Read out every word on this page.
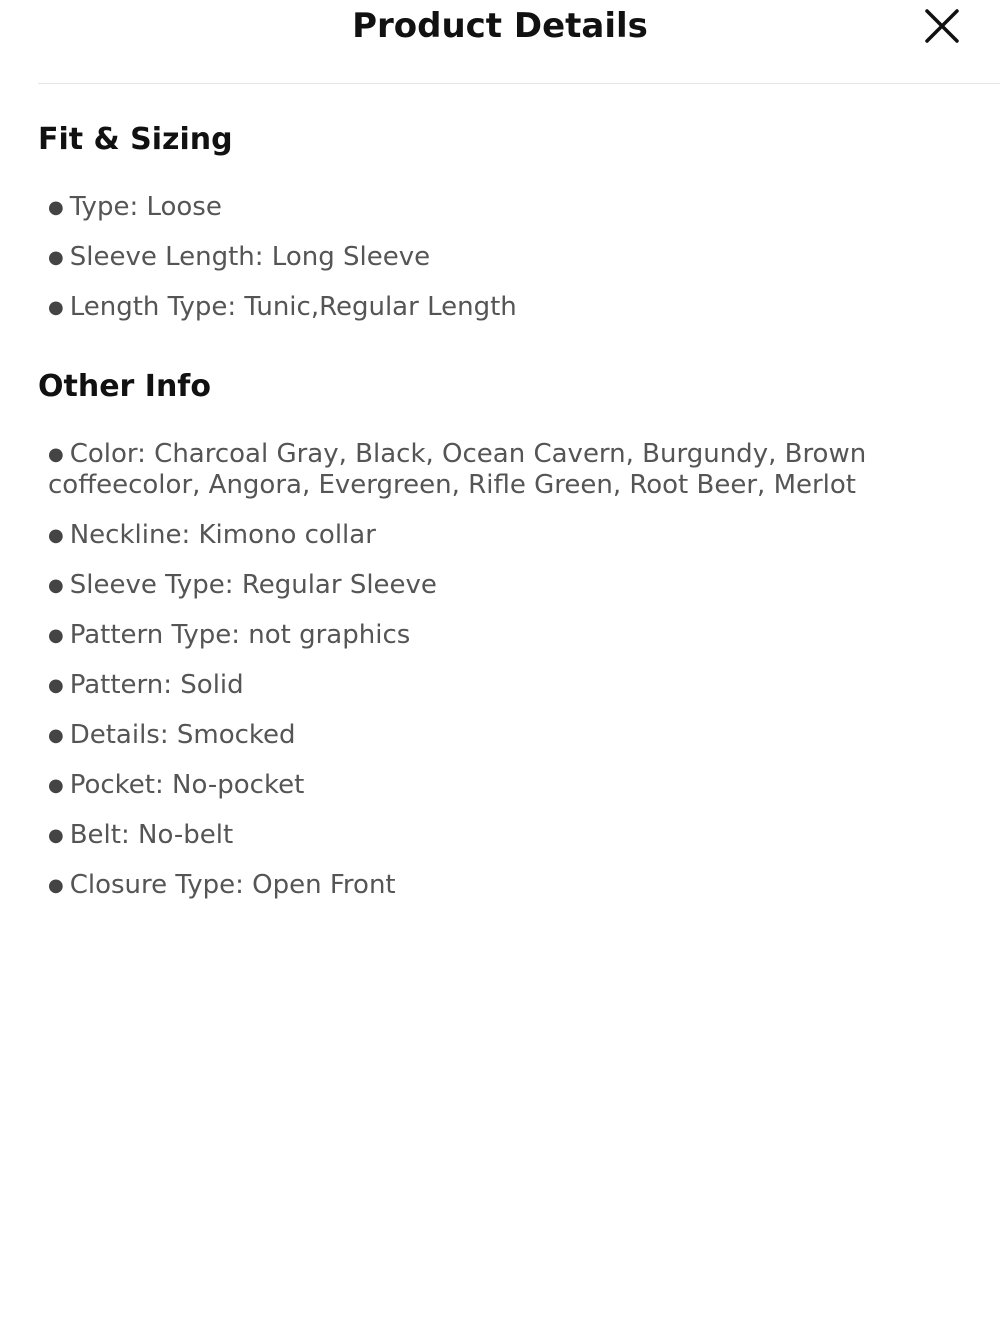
Product Details
Fit & Sizing
● Type: Loose
● Sleeve Length: Long Sleeve
● Length Type: Tunic,Regular Length
Other Info
● Color: Charcoal Gray, Black, Ocean Cavern, Burgundy, Brown coffeecolor, Angora, Evergreen, Rifle Green, Root Beer, Merlot
● Neckline: Kimono collar
● Sleeve Type: Regular Sleeve
● Pattern Type: not graphics
● Pattern: Solid
● Details: Smocked
● Pocket: No-pocket
● Belt: No-belt
● Closure Type: Open Front
